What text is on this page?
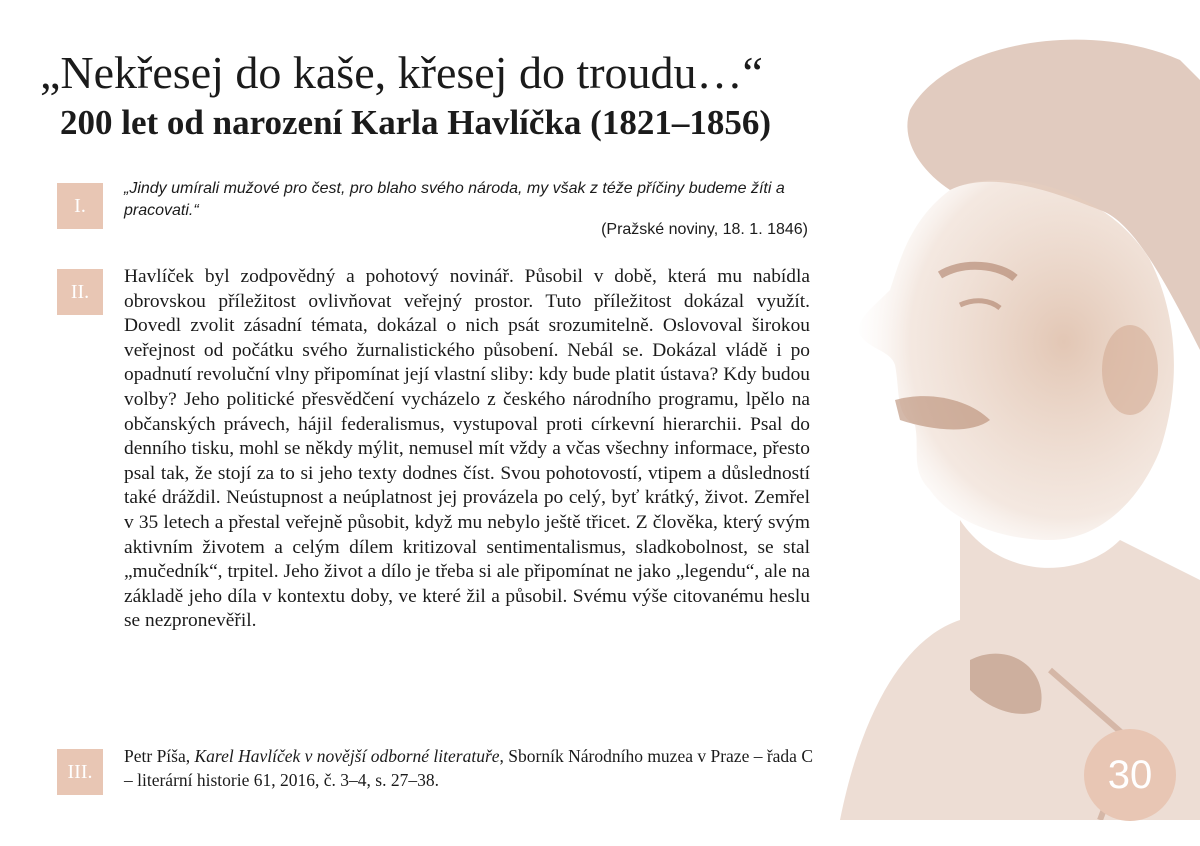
„Nekřesej do kaše, křesej do troudu…“
200 let od narození Karla Havlíčka (1821–1856)
I.

„Jindy umírali mužové pro čest, pro blaho svého národa, my však z téže příčiny budeme žíti a pracovati.“

(Pražské noviny, 18. 1. 1846)
II.

Havlíček byl zodpovědný a pohotový novinář. Působil v době, která mu nabídla obrovskou příležitost ovlivňovat veřejný prostor. Tuto příležitost dokázal využít. Dovedl zvolit zásadní témata, dokázal o nich psát srozumitelně. Oslovoval širokou veřejnost od počátku svého žurnalistického působení. Nebál se. Dokázal vládě i po opadnutí revoluční vlny připomínat její vlastní sliby: kdy bude platit ústava? Kdy budou volby? Jeho politické přesvědčení vycházelo z českého národního programu, lpělo na občanských právech, hájil federalismus, vystupoval proti církevní hierarchii. Psal do denního tisku, mohl se někdy mýlit, nemusel mít vždy a včas všechny informace, přesto psal tak, že stojí za to si jeho texty dodnes číst. Svou pohotovostí, vtipem a důsledností také dráždil. Neústupnost a neúplatnost jej provázela po celý, byť krátký, život. Zemřel v 35 letech a přestal veřejně působit, když mu nebylo ještě třicet. Z člověka, který svým aktivním životem a celým dílem kritizoval sentimentalismus, sladkobolnost, se stal „mučedník“, trpitel. Jeho život a dílo je třeba si ale připomínat ne jako „legendu“, ale na základě jeho díla v kontextu doby, ve které žil a působil. Svému výše citovanému heslu se nezpronevěřil.

III.

Petr Píša, Karel Havlíček v novější odborné literatuře, Sborník Národního muzea v Praze – řada C – literární historie 61, 2016, č. 3–4, s. 27–38.	30
